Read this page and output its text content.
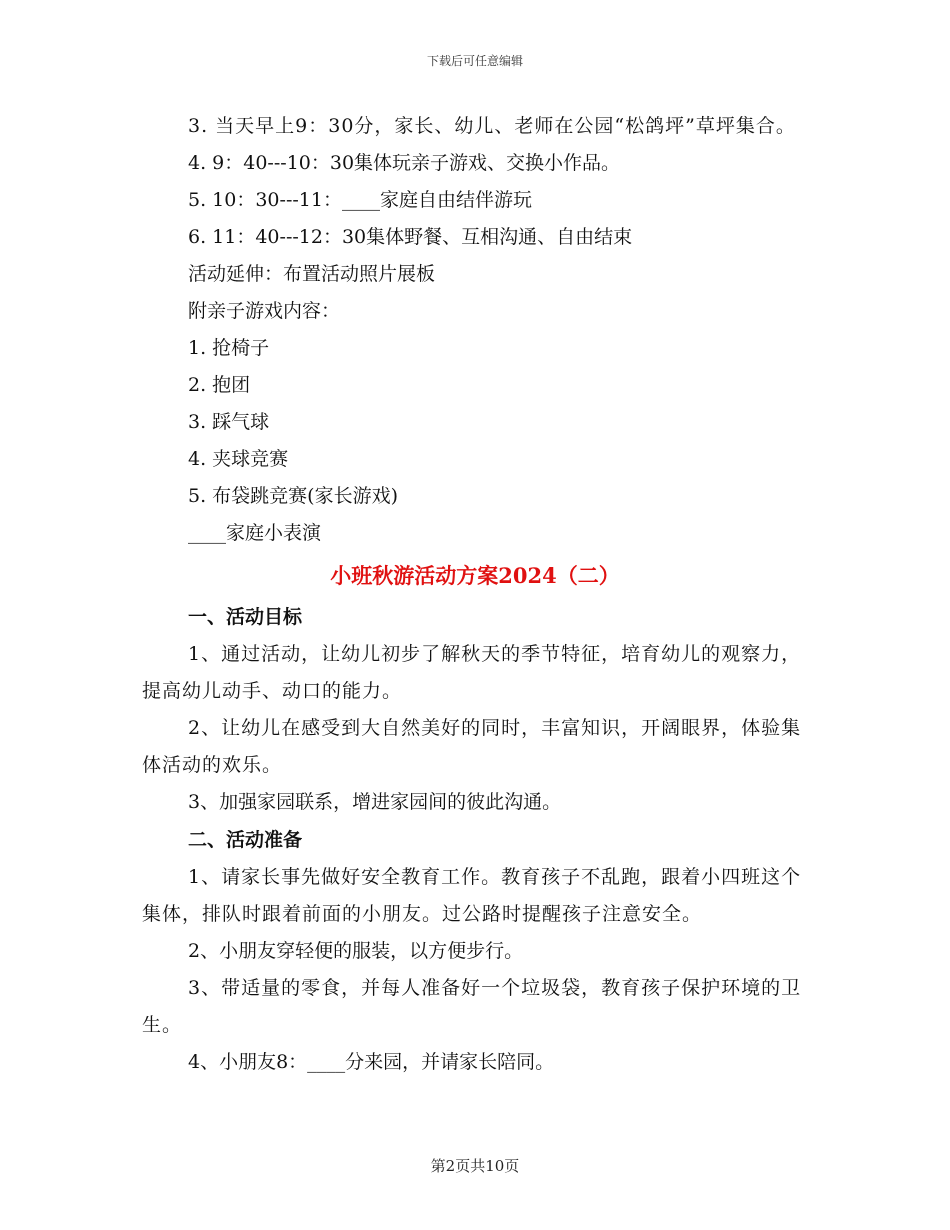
下载后可任意编辑

3. 当天早上9：30分，家长、幼儿、老师在公园“松鸽坪”草坪集合。

4. 9：40---10：30集体玩亲子游戏、交换小作品。

5. 10：30---11：____家庭自由结伴游玩

6. 11：40---12：30集体野餐、互相沟通、自由结束

活动延伸：布置活动照片展板

附亲子游戏内容：

1. 抢椅子

2. 抱团

3. 踩气球

4. 夹球竞赛

5. 布袋跳竞赛(家长游戏)

____家庭小表演

小班秋游活动方案2024（二）

一、活动目标

1、通过活动，让幼儿初步了解秋天的季节特征，培育幼儿的观察力，提高幼儿动手、动口的能力。

2、让幼儿在感受到大自然美好的同时，丰富知识，开阔眼界，体验集体活动的欢乐。

3、加强家园联系，增进家园间的彼此沟通。

二、活动准备

1、请家长事先做好安全教育工作。教育孩子不乱跑，跟着小四班这个集体，排队时跟着前面的小朋友。过公路时提醒孩子注意安全。

2、小朋友穿轻便的服装，以方便步行。

3、带适量的零食，并每人准备好一个垃圾袋，教育孩子保护环境的卫生。

4、小朋友8：____分来园，并请家长陪同。

第2页共10页
